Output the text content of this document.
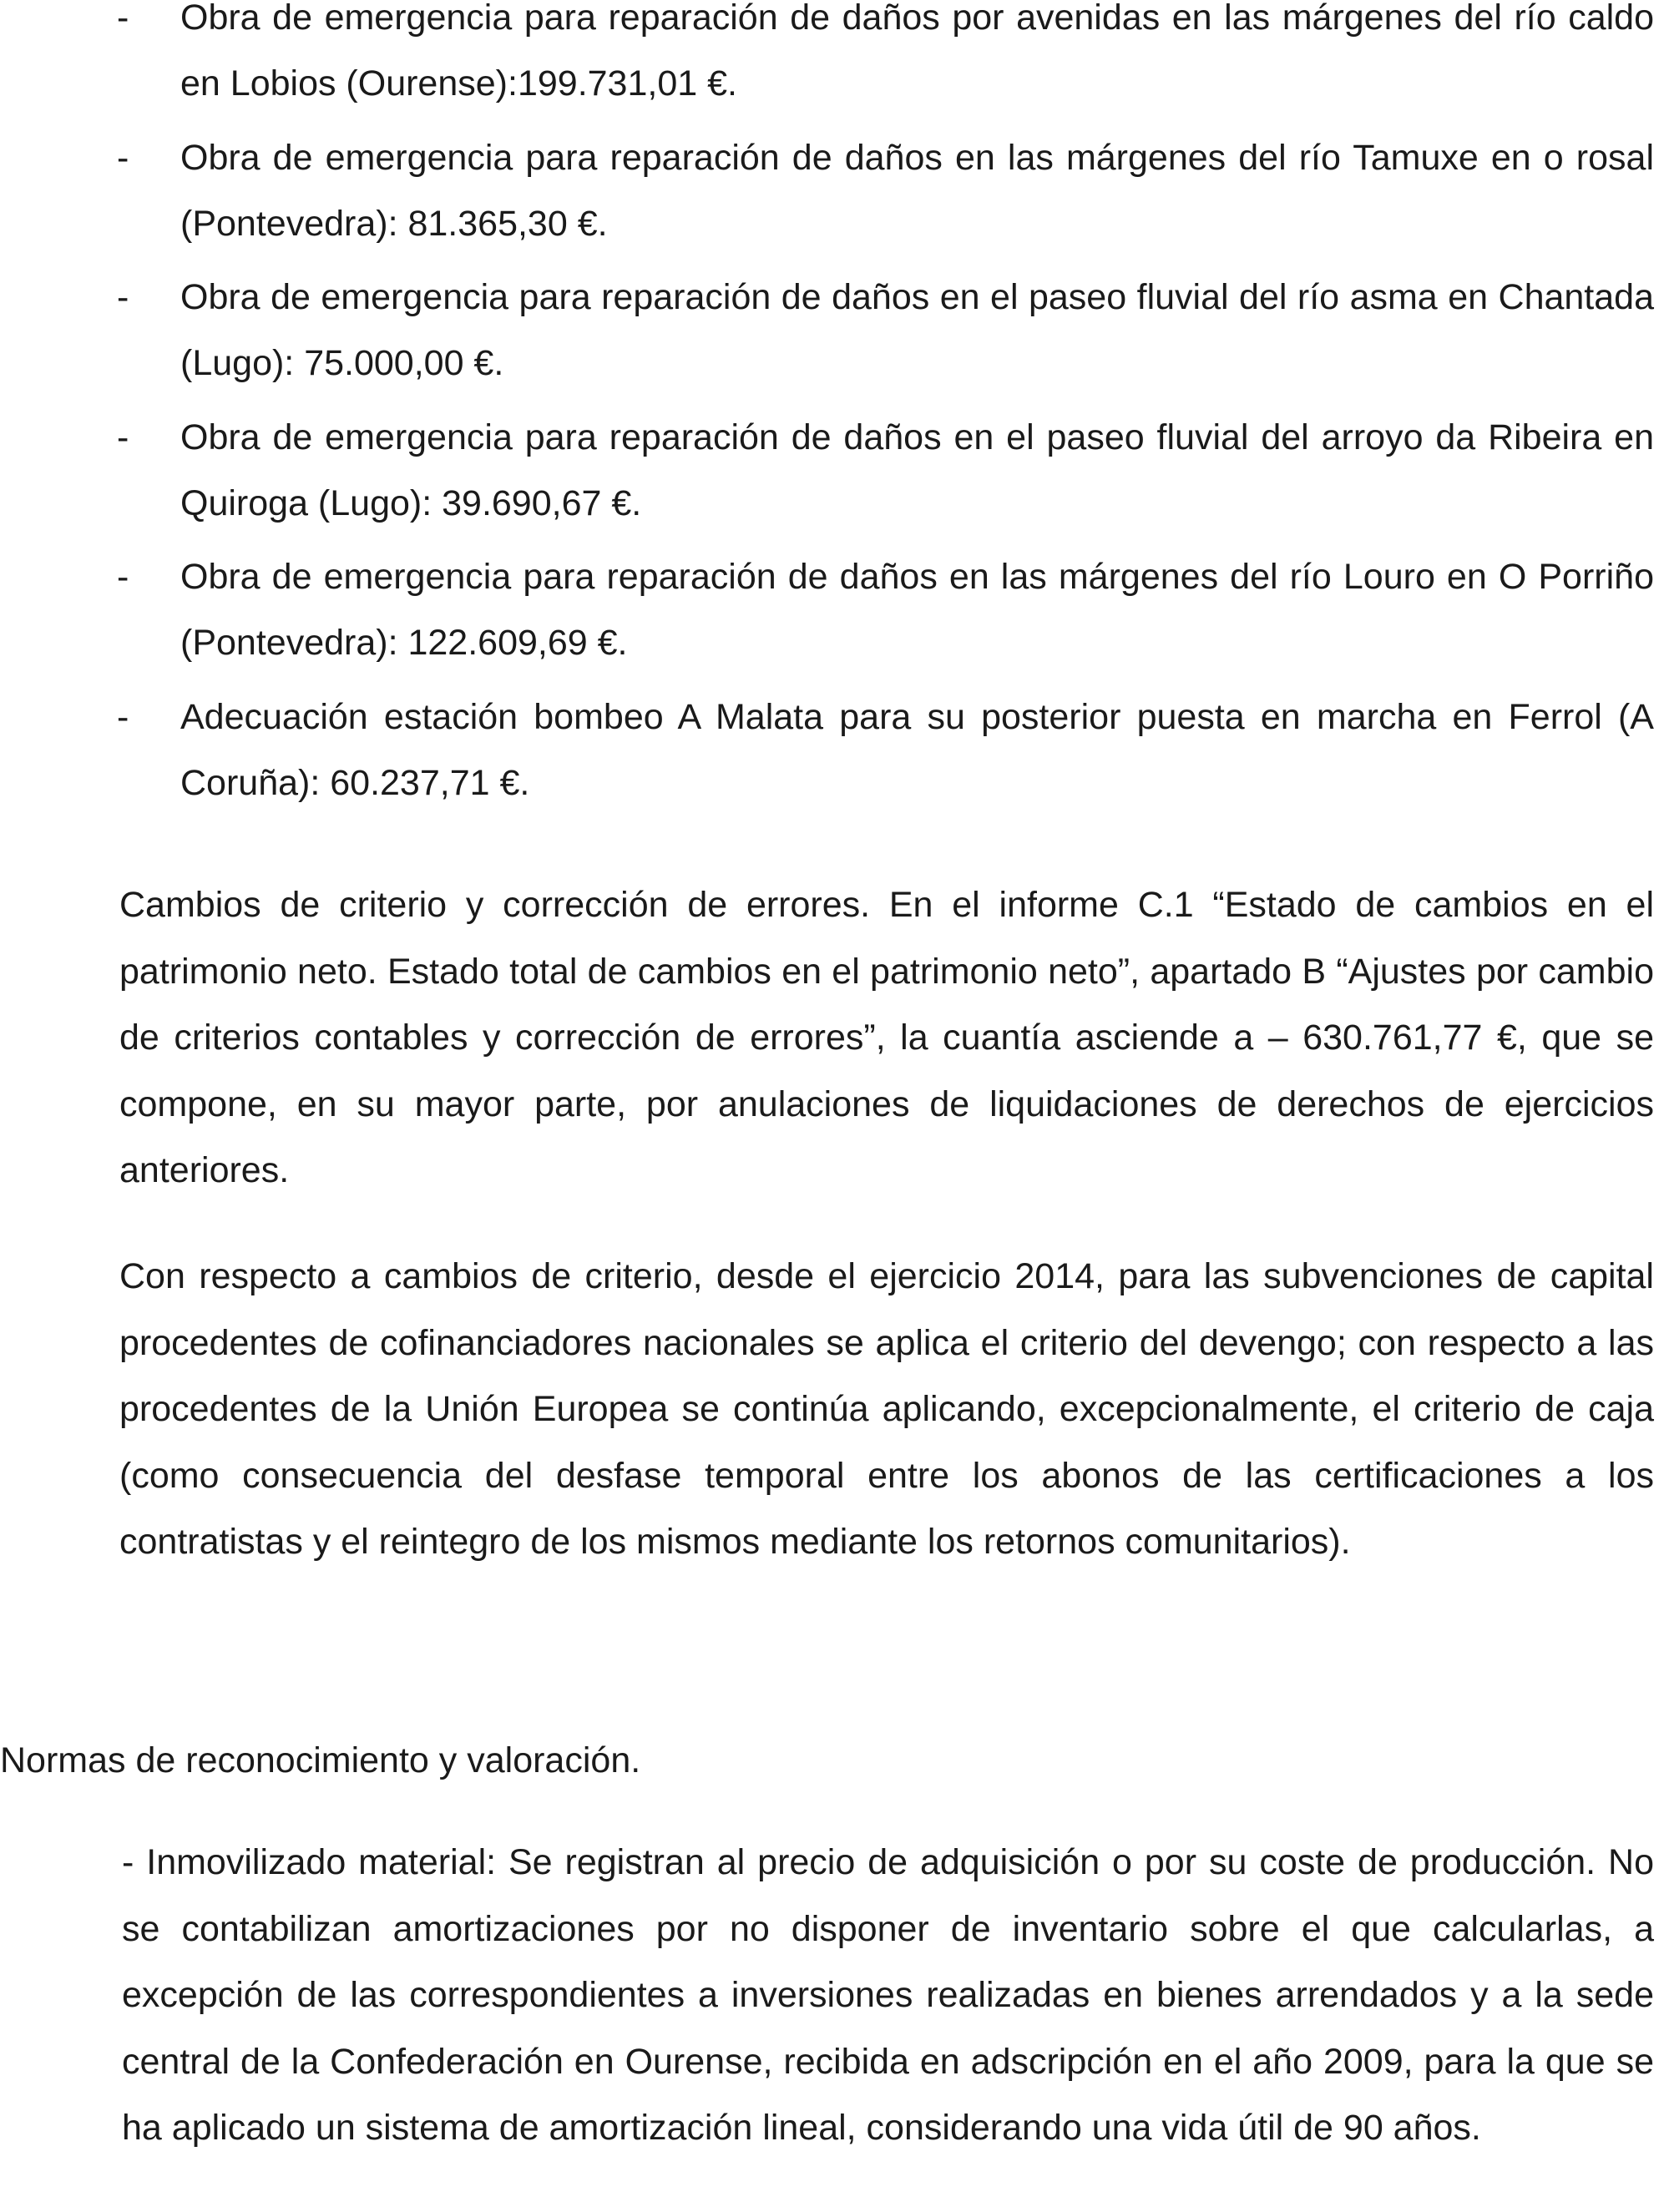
- Obra de emergencia para reparación de daños por avenidas en las márgenes del río caldo en Lobios (Ourense):199.731,01 €.
- Obra de emergencia para reparación de daños en las márgenes del río Tamuxe en o rosal (Pontevedra): 81.365,30 €.
- Obra de emergencia para reparación de daños en el paseo fluvial del río asma en Chantada (Lugo): 75.000,00 €.
- Obra de emergencia para reparación de daños en el paseo fluvial del arroyo da Ribeira en Quiroga (Lugo): 39.690,67 €.
- Obra de emergencia para reparación de daños en las márgenes del río Louro en O Porriño (Pontevedra): 122.609,69 €.
- Adecuación estación bombeo A Malata para su posterior puesta en marcha en Ferrol (A Coruña): 60.237,71 €.
Cambios de criterio y corrección de errores. En el informe C.1 “Estado de cambios en el patrimonio neto. Estado total de cambios en el patrimonio neto”, apartado B “Ajustes por cambio de criterios contables y corrección de errores”, la cuantía asciende a – 630.761,77 €, que se compone, en su mayor parte, por anulaciones de liquidaciones de derechos de ejercicios anteriores.
Con respecto a cambios de criterio, desde el ejercicio 2014, para las subvenciones de capital procedentes de cofinanciadores nacionales se aplica el criterio del devengo; con respecto a las procedentes de la Unión Europea se continúa aplicando, excepcionalmente, el criterio de caja (como consecuencia del desfase temporal entre los abonos de las certificaciones a los contratistas y el reintegro de los mismos mediante los retornos comunitarios).
Normas de reconocimiento y valoración.
- Inmovilizado material: Se registran al precio de adquisición o por su coste de producción. No se contabilizan amortizaciones por no disponer de inventario sobre el que calcularlas, a excepción de las correspondientes a inversiones realizadas en bienes arrendados y a la sede central de la Confederación en Ourense, recibida en adscripción en el año 2009, para la que se ha aplicado un sistema de amortización lineal, considerando una vida útil de 90 años.
